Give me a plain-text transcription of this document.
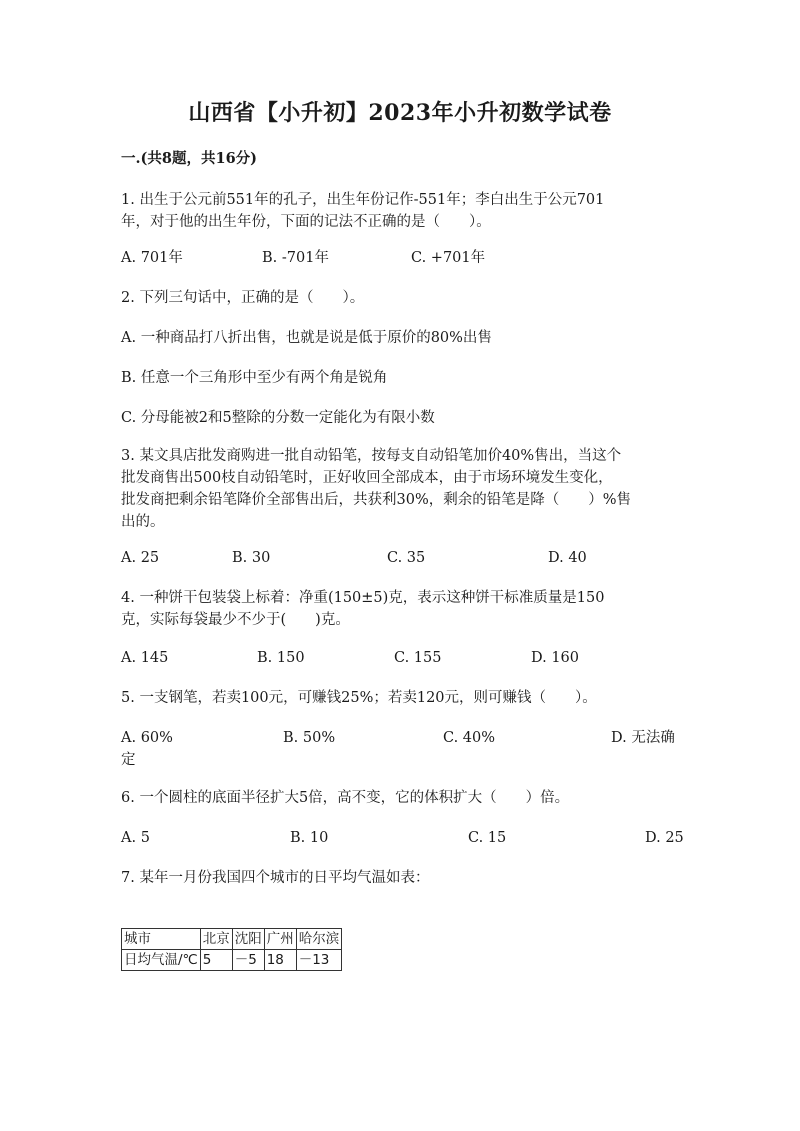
山西省【小升初】2023年小升初数学试卷
一.(共8题，共16分)
1. 出生于公元前551年的孔子，出生年份记作-551年；李白出生于公元701
年，对于他的出生年份，下面的记法不正确的是（　　）。
A. 701年	B. -701年	C. +701年
2. 下列三句话中，正确的是（　　）。
A. 一种商品打八折出售，也就是说是低于原价的80%出售
B. 任意一个三角形中至少有两个角是锐角
C. 分母能被2和5整除的分数一定能化为有限小数
3. 某文具店批发商购进一批自动铅笔，按每支自动铅笔加价40%售出，当这个
批发商售出500枝自动铅笔时，正好收回全部成本，由于市场环境发生变化，
批发商把剩余铅笔降价全部售出后，共获利30%，剩余的铅笔是降（　　）%售
出的。
A. 25	B. 30	C. 35	D. 40
4. 一种饼干包装袋上标着：净重(150±5)克，表示这种饼干标准质量是150
克，实际每袋最少不少于(　　)克。
A. 145	B. 150	C. 155	D. 160
5. 一支钢笔，若卖100元，可赚钱25%；若卖120元，则可赚钱（　　）。
A. 60%	B. 50%	C. 40%	D. 无法确
定
6. 一个圆柱的底面半径扩大5倍，高不变，它的体积扩大（　　）倍。
A. 5	B. 10	C. 15	D. 25
7. 某年一月份我国四个城市的日平均气温如表：
城市	北京	沈阳	广州	哈尔滨
日均气温/℃	5	－5	18	－13
